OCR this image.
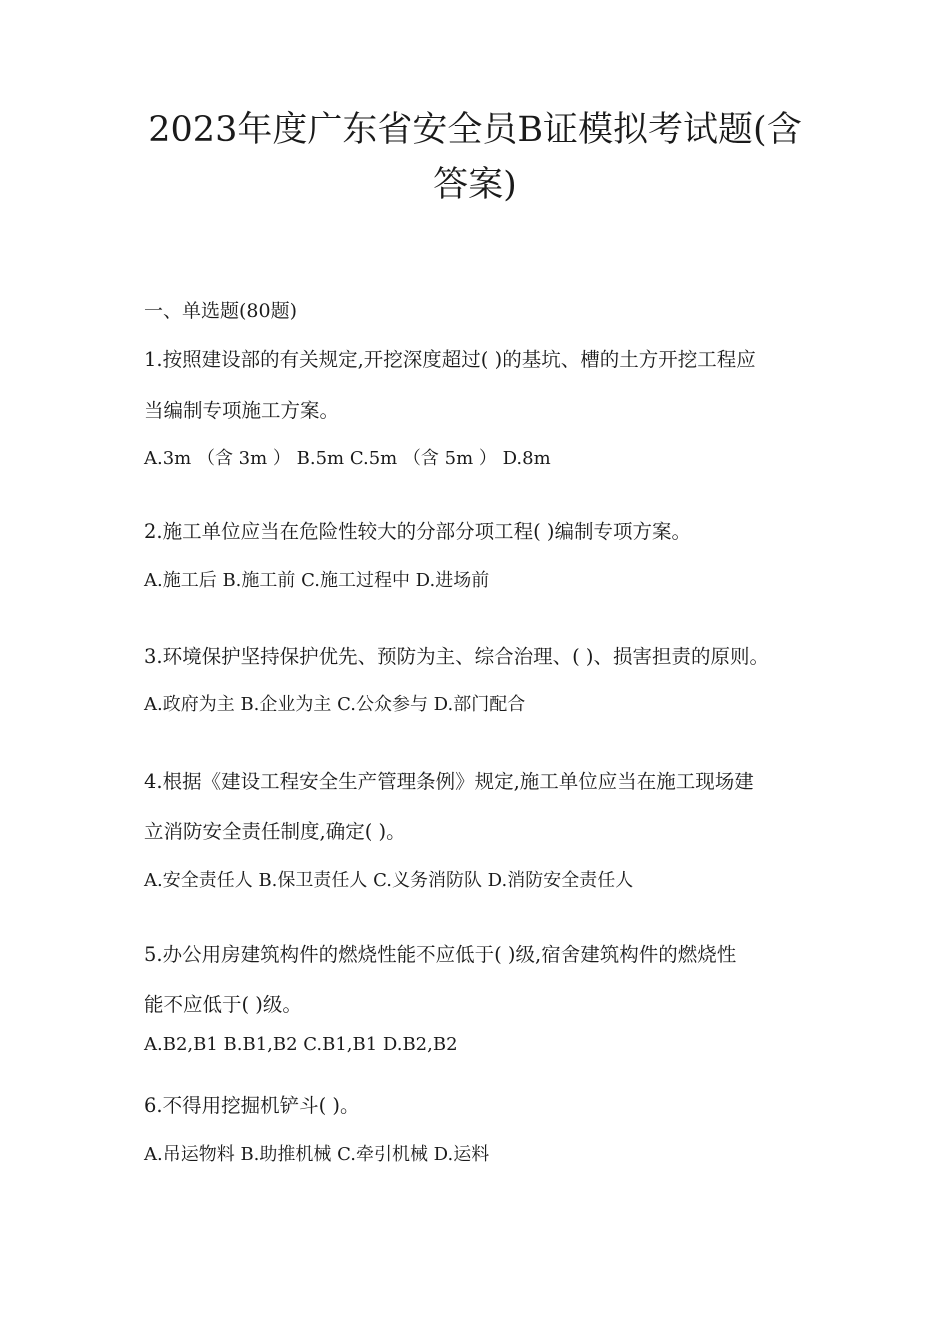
2023年度广东省安全员B证模拟考试题(含
答案)
一、单选题(80题)
1.按照建设部的有关规定,开挖深度超过( )的基坑、槽的土方开挖工程应
当编制专项施工方案。
A.3m （含 3m ） B.5m C.5m （含 5m ） D.8m
2.施工单位应当在危险性较大的分部分项工程( )编制专项方案。
A.施工后 B.施工前 C.施工过程中 D.进场前
3.环境保护坚持保护优先、预防为主、综合治理、( )、损害担责的原则。
A.政府为主 B.企业为主 C.公众参与 D.部门配合
4.根据《建设工程安全生产管理条例》规定,施工单位应当在施工现场建
立消防安全责任制度,确定( )。
A.安全责任人 B.保卫责任人 C.义务消防队 D.消防安全责任人
5.办公用房建筑构件的燃烧性能不应低于( )级,宿舍建筑构件的燃烧性
能不应低于( )级。
A.B2,B1 B.B1,B2 C.B1,B1 D.B2,B2
6.不得用挖掘机铲斗( )。
A.吊运物料 B.助推机械 C.牵引机械 D.运料
